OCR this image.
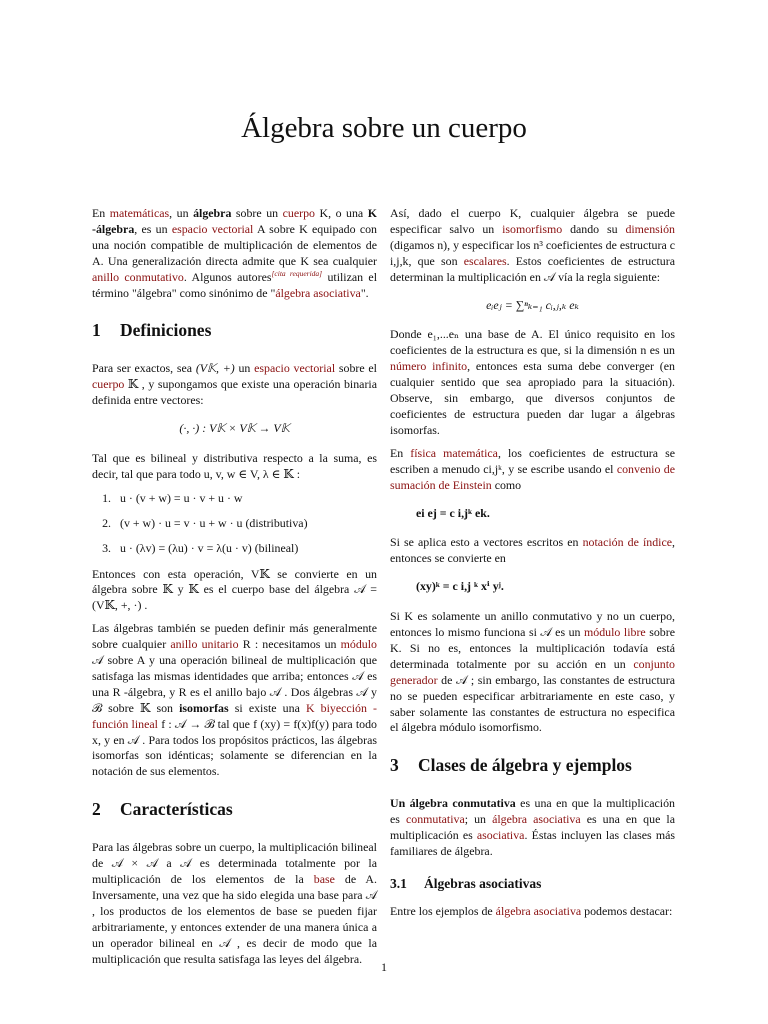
Álgebra sobre un cuerpo

En matemáticas, un álgebra sobre un cuerpo K, o una K -álgebra, es un espacio vectorial A sobre K equipado con una noción compatible de multiplicación de elementos de A. Una generalización directa admite que K sea cualquier anillo conmutativo. Algunos autores[cita requerida] utilizan el término "álgebra" como sinónimo de "álgebra asociativa".

1 Definiciones

Para ser exactos, sea (V𝕂, +) un espacio vectorial sobre el cuerpo 𝕂 , y supongamos que existe una operación binaria definida entre vectores:

(·, ·) : V𝕂 × V𝕂 → V𝕂

Tal que es bilineal y distributiva respecto a la suma, es decir, tal que para todo u, v, w ∈ V, λ ∈ 𝕂 :

1. u · (v + w) = u · v + u · w
2. (v + w) · u = v · u + w · u (distributiva)
3. u · (λv) = (λu) · v = λ(u · v) (bilineal)

Entonces con esta operación, V𝕂 se convierte en un álgebra sobre 𝕂 y 𝕂 es el cuerpo base del álgebra 𝒜 = (V𝕂, +, ·) .

Las álgebras también se pueden definir más generalmente sobre cualquier anillo unitario R : necesitamos un módulo 𝒜 sobre A y una operación bilineal de multiplicación que satisfaga las mismas identidades que arriba; entonces 𝒜 es una R -álgebra, y R es el anillo bajo 𝒜 . Dos álgebras 𝒜 y ℬ sobre 𝕂 son isomorfas si existe una K biyección - función lineal f : 𝒜 → ℬ tal que f (xy) = f(x)f(y) para todo x, y en 𝒜 . Para todos los propósitos prácticos, las álgebras isomorfas son idénticas; solamente se diferencian en la notación de sus elementos.

2 Características

Para las álgebras sobre un cuerpo, la multiplicación bilineal de 𝒜 × 𝒜 a 𝒜 es determinada totalmente por la multiplicación de los elementos de la base de A. Inversamente, una vez que ha sido elegida una base para 𝒜 , los productos de los elementos de base se pueden fijar arbitrariamente, y entonces extender de una manera única a un operador bilineal en 𝒜 , es decir de modo que la multiplicación que resulta satisfaga las leyes del álgebra.

Así, dado el cuerpo K, cualquier álgebra se puede especificar salvo un isomorfismo dando su dimensión (digamos n), y especificar los n³ coeficientes de estructura c i,j,k, que son escalares. Estos coeficientes de estructura determinan la multiplicación en 𝒜 vía la regla siguiente:

eᵢeⱼ = ∑ⁿₖ₌₁ cᵢ,ⱼ,ₖ eₖ

Donde e₁,...eₙ una base de A. El único requisito en los coeficientes de la estructura es que, si la dimensión n es un número infinito, entonces esta suma debe converger (en cualquier sentido que sea apropiado para la situación). Observe, sin embargo, que diversos conjuntos de coeficientes de estructura pueden dar lugar a álgebras isomorfas.

En física matemática, los coeficientes de estructura se escriben a menudo ci,jᵏ, y se escribe usando el convenio de sumación de Einstein como

ei ej = c i,jᵏ ek.

Si se aplica esto a vectores escritos en notación de índice, entonces se convierte en

(xy)ᵏ = c i,j ᵏ xⁱ yʲ.

Si K es solamente un anillo conmutativo y no un cuerpo, entonces lo mismo funciona si 𝒜 es un módulo libre sobre K. Si no es, entonces la multiplicación todavía está determinada totalmente por su acción en un conjunto generador de 𝒜 ; sin embargo, las constantes de estructura no se pueden especificar arbitrariamente en este caso, y saber solamente las constantes de estructura no especifica el álgebra módulo isomorfismo.

3 Clases de álgebra y ejemplos

Un álgebra conmutativa es una en que la multiplicación es conmutativa; un álgebra asociativa es una en que la multiplicación es asociativa. Éstas incluyen las clases más familiares de álgebra.

3.1 Álgebras asociativas

Entre los ejemplos de álgebra asociativa podemos destacar:

1
